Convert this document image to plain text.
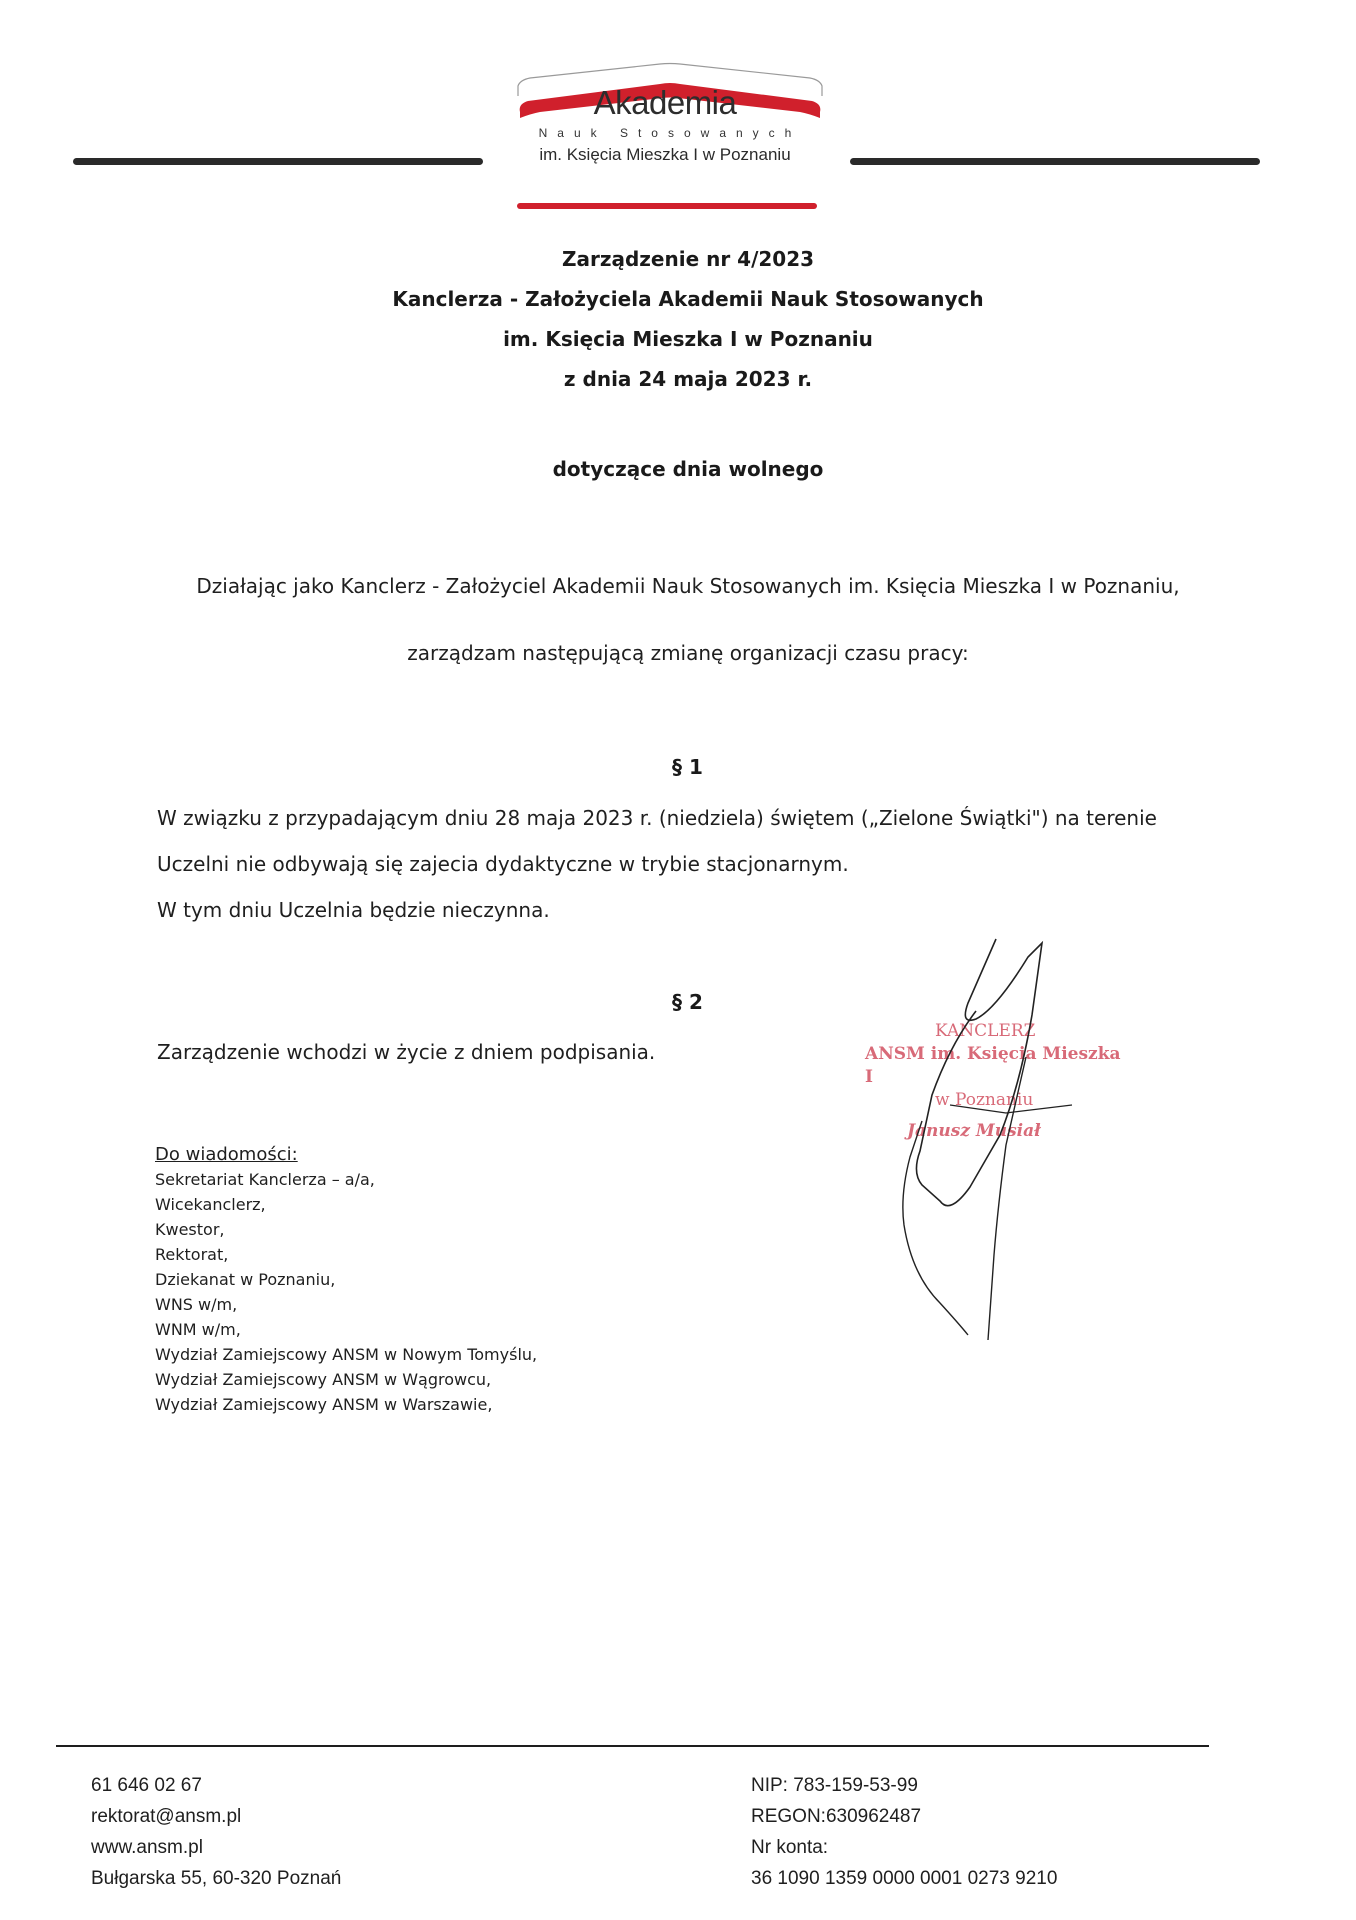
Akademia
Nauk Stosowanych
im. Księcia Mieszka I w Poznaniu
Zarządzenie nr 4/2023
Kanclerza - Założyciela Akademii Nauk Stosowanych
im. Księcia Mieszka I w Poznaniu
z dnia 24 maja 2023 r.
dotyczące dnia wolnego
Działając jako Kanclerz - Założyciel Akademii Nauk Stosowanych im. Księcia Mieszka I w Poznaniu,
zarządzam następującą zmianę organizacji czasu pracy:
§ 1
W związku z przypadającym dniu 28 maja 2023 r. (niedziela) świętem („Zielone Świątki") na terenie
Uczelni nie odbywają się zajecia dydaktyczne w trybie stacjonarnym.
W tym dniu Uczelnia będzie nieczynna.
§ 2
Zarządzenie wchodzi w życie z dniem podpisania.
KANCLERZ
ANSM im. Księcia Mieszka I
w Poznaniu
Janusz Musiał
Do wiadomości:
Sekretariat Kanclerza – a/a,
Wicekanclerz,
Kwestor,
Rektorat,
Dziekanat w Poznaniu,
WNS w/m,
WNM w/m,
Wydział Zamiejscowy ANSM w Nowym Tomyślu,
Wydział Zamiejscowy ANSM w Wągrowcu,
Wydział Zamiejscowy ANSM w Warszawie,
61 646 02 67
rektorat@ansm.pl
www.ansm.pl
Bułgarska 55, 60-320 Poznań
NIP: 783-159-53-99
REGON:630962487
Nr konta:
36 1090 1359 0000 0001 0273 9210
